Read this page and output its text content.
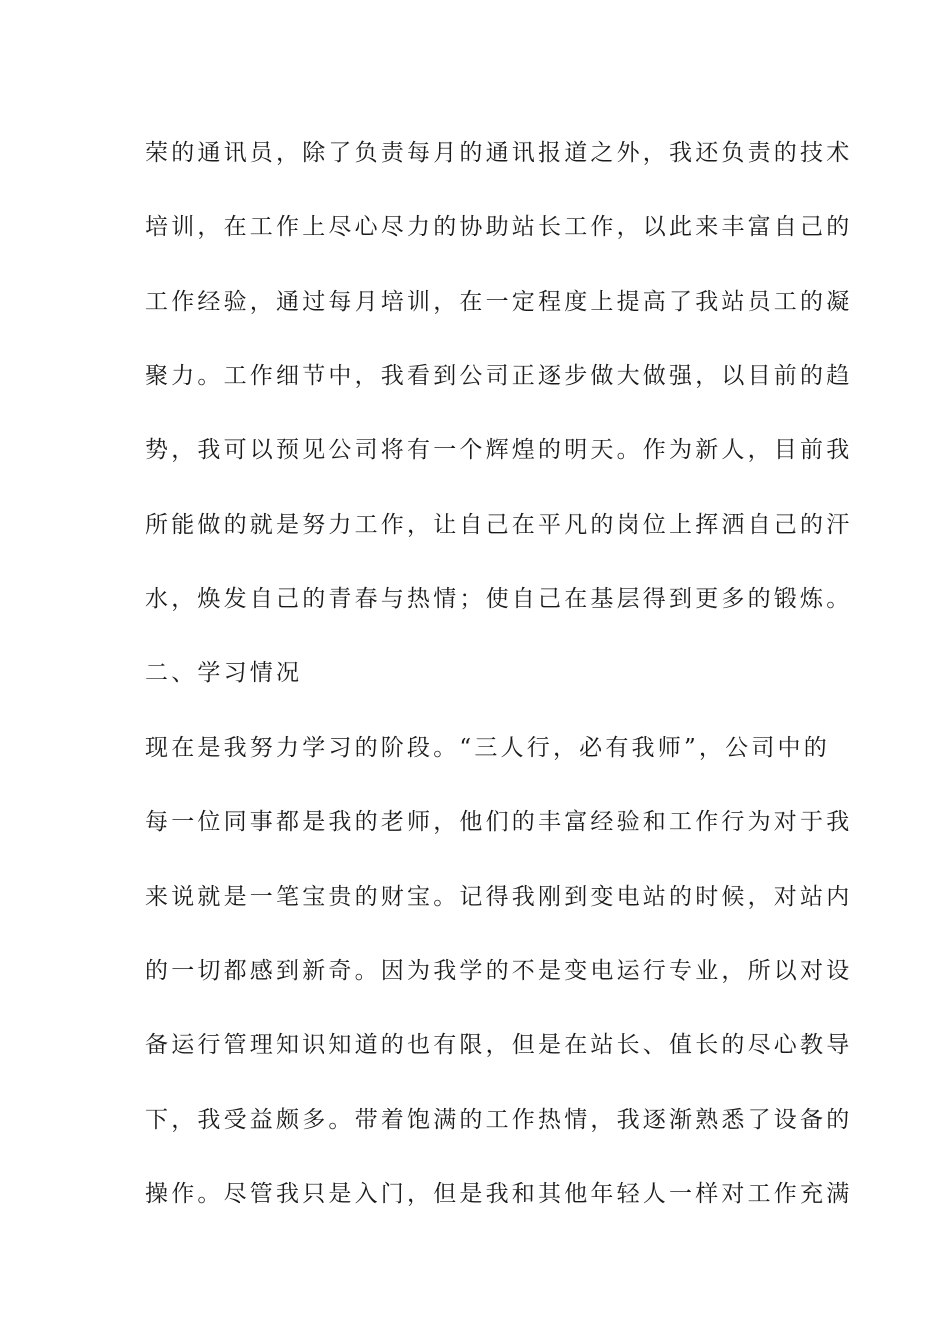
荣的通讯员，除了负责每月的通讯报道之外，我还负责的技术
培训，在工作上尽心尽力的协助站长工作，以此来丰富自己的
工作经验，通过每月培训，在一定程度上提高了我站员工的凝
聚力。工作细节中，我看到公司正逐步做大做强，以目前的趋
势，我可以预见公司将有一个辉煌的明天。作为新人，目前我
所能做的就是努力工作，让自己在平凡的岗位上挥洒自己的汗
水，焕发自己的青春与热情；使自己在基层得到更多的锻炼。
二、学习情况
现在是我努力学习的阶段。“三人行，必有我师”，公司中的
每一位同事都是我的老师，他们的丰富经验和工作行为对于我
来说就是一笔宝贵的财宝。记得我刚到变电站的时候，对站内
的一切都感到新奇。因为我学的不是变电运行专业，所以对设
备运行管理知识知道的也有限，但是在站长、值长的尽心教导
下，我受益颇多。带着饱满的工作热情，我逐渐熟悉了设备的
操作。尽管我只是入门，但是我和其他年轻人一样对工作充满
